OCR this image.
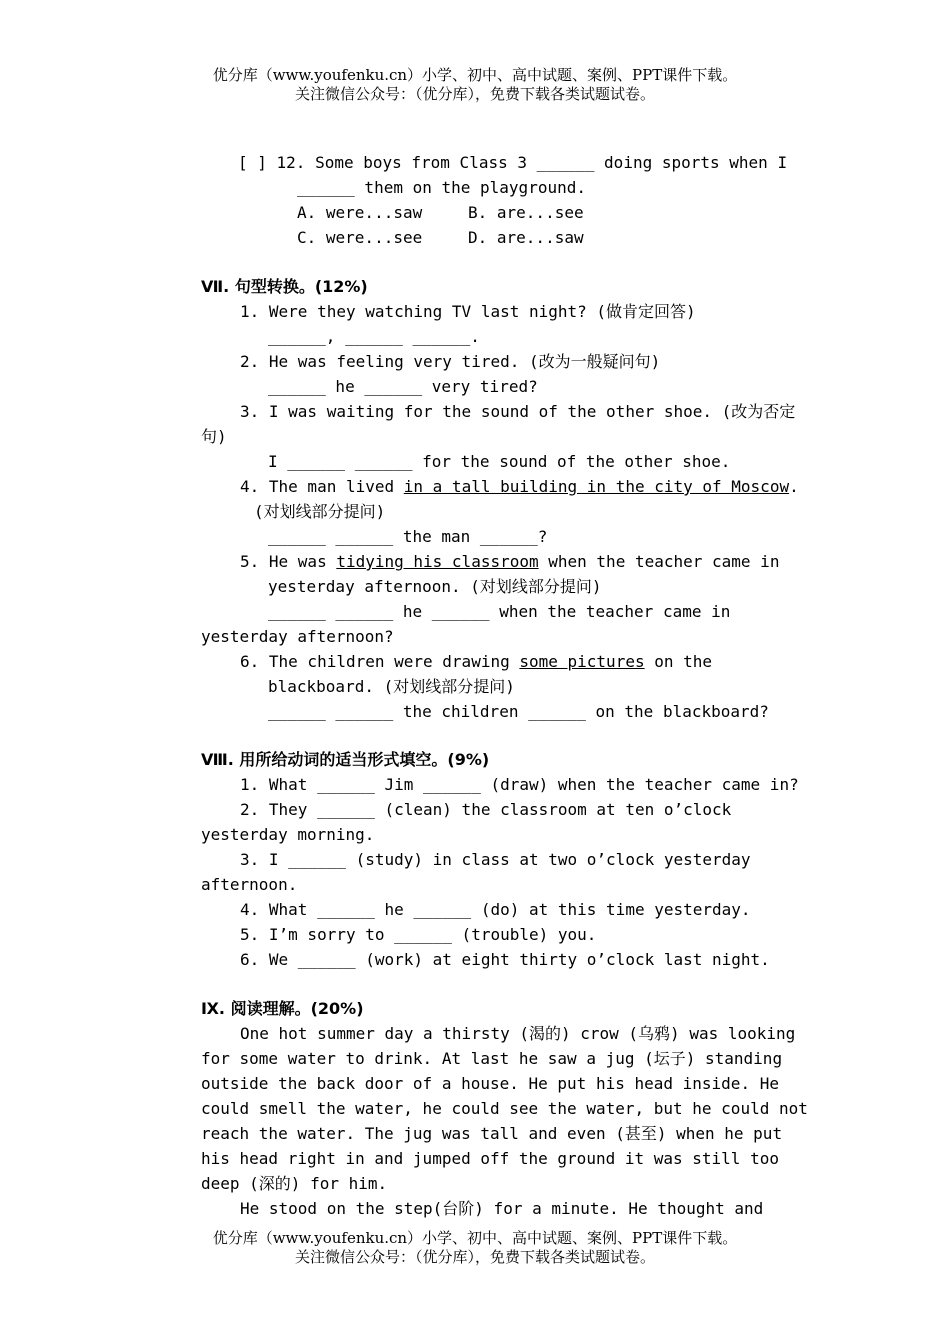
优分库（www.youfenku.cn）小学、初中、高中试题、案例、PPT课件下载。
关注微信公众号：（优分库），免费下载各类试题试卷。
[ ] 12. Some boys from Class 3 ______ doing sports when I
______ them on the playground.
A. were...saw	B. are...see
C. were...see	D. are...saw
Ⅶ. 句型转换。(12%)
1. Were they watching TV last night? (做肯定回答)
______, ______ ______.
2. He was feeling very tired. (改为一般疑问句)
______ he ______ very tired?
3. I was waiting for the sound of the other shoe. (改为否定
句)
I ______ ______ for the sound of the other shoe.
4. The man lived in a tall building in the city of Moscow.
(对划线部分提问)
______ ______ the man ______?
5. He was tidying his classroom when the teacher came in
yesterday afternoon. (对划线部分提问)
______ ______ he ______ when the teacher came in
yesterday afternoon?
6. The children were drawing some pictures on the
blackboard. (对划线部分提问)
______ ______ the children ______ on the blackboard?
Ⅷ. 用所给动词的适当形式填空。(9%)
1. What ______ Jim ______ (draw) when the teacher came in?
2. They ______ (clean) the classroom at ten o’clock
yesterday morning.
3. I ______ (study) in class at two o’clock yesterday
afternoon.
4. What ______ he ______ (do) at this time yesterday.
5. I’m sorry to ______ (trouble) you.
6. We ______ (work) at eight thirty o’clock last night.
Ⅸ. 阅读理解。(20%)
One hot summer day a thirsty (渴的) crow (乌鸦) was looking
for some water to drink. At last he saw a jug (坛子) standing
outside the back door of a house. He put his head inside. He
could smell the water, he could see the water, but he could not
reach the water. The jug was tall and even (甚至) when he put
his head right in and jumped off the ground it was still too
deep (深的) for him.
He stood on the step(台阶) for a minute. He thought and
优分库（www.youfenku.cn）小学、初中、高中试题、案例、PPT课件下载。
关注微信公众号：（优分库），免费下载各类试题试卷。
